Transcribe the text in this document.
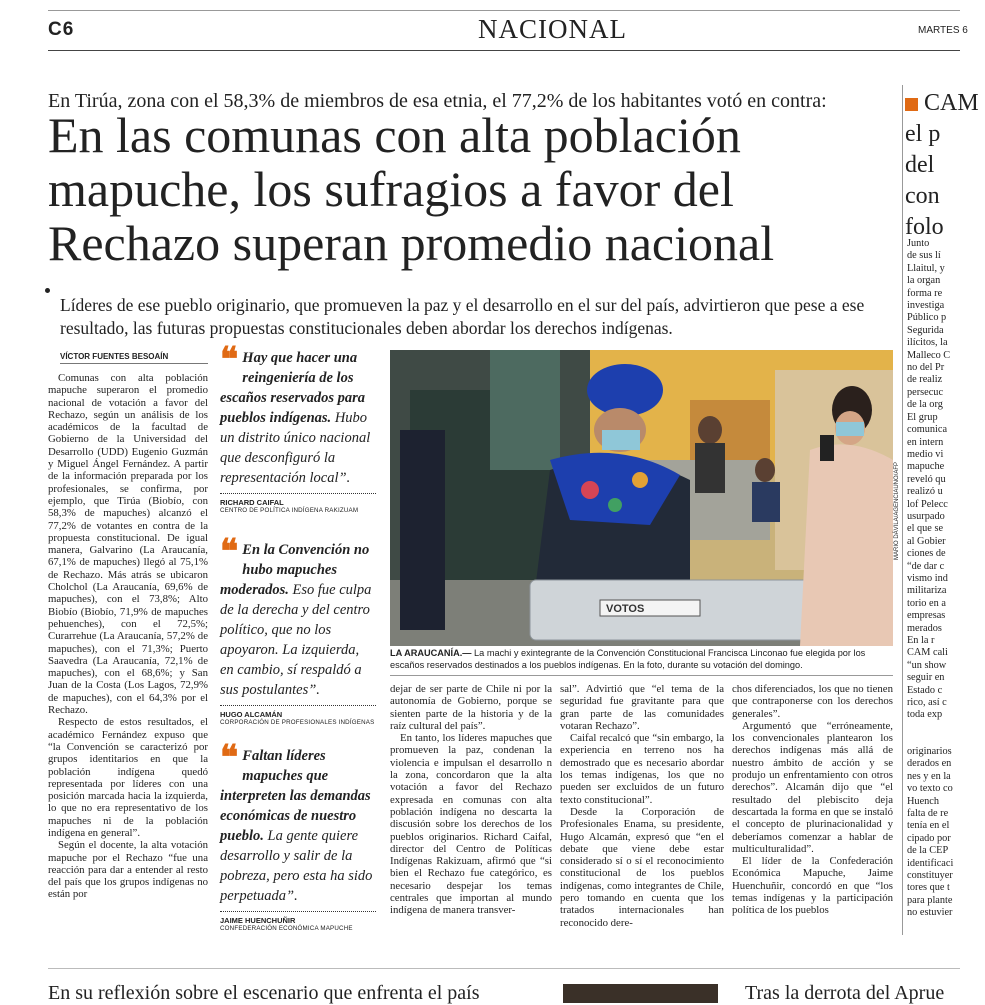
C6	NACIONAL	MARTES 6
En Tirúa, zona con el 58,3% de miembros de esa etnia, el 77,2% de los habitantes votó en contra:
En las comunas con alta población mapuche, los sufragios a favor del Rechazo superan promedio nacional
Líderes de ese pueblo originario, que promueven la paz y el desarrollo en el sur del país, advirtieron que pese a ese resultado, las futuras propuestas constitucionales deben abordar los derechos indígenas.
VÍCTOR FUENTES BESOAÍN

Comunas con alta población mapuche superaron el promedio nacional de votación a favor del Rechazo, según un análisis de los académicos de la facultad de Gobierno de la Universidad del Desarrollo (UDD) Eugenio Guzmán y Miguel Ángel Fernández. A partir de la información preparada por los profesionales, se confirma, por ejemplo, que Tirúa (Biobío, con 58,3% de mapuches) alcanzó el 77,2% de votantes en contra de la propuesta constitucional. De igual manera, Galvarino (La Araucanía, 67,1% de mapuches) llegó al 75,1% de Rechazo. Más atrás se ubicaron Cholchol (La Araucanía, 69,6% de mapuches), con el 73,8%; Alto Biobío (Biobío, 71,9% de mapuches pehuenches), con el 72,5%; Curarrehue (La Araucanía, 57,2% de mapuches), con el 71,3%; Puerto Saavedra (La Araucanía, 72,1% de mapuches), con el 68,6%; y San Juan de la Costa (Los Lagos, 72,9% de mapuches), con el 64,3% por el Rechazo.

Respecto de estos resultados, el académico Fernández expuso que “la Convención se caracterizó por grupos identitarios en que la población indígena quedó representada por líderes con una posición marcada hacia la izquierda, lo que no era representativo de los mapuches ni de la población indígena en general”.

Según el docente, la alta votación mapuche por el Rechazo “fue una reacción para dar a entender al resto del país que los grupos indígenas no están por

❝ Hay que hacer una reingeniería de los escaños reservados para pueblos indígenas. Hubo un distrito único nacional que desconfiguró la representación local”.
RICHARD CAIFAL
CENTRO DE POLÍTICA INDÍGENA RAKIZUAM
❝ En la Convención no hubo mapuches moderados. Eso fue culpa de la derecha y del centro político, que no los apoyaron. La izquierda, en cambio, sí respaldó a sus postulantes”.
HUGO ALCAMÁN
CORPORACIÓN DE PROFESIONALES INDÍGENAS
❝ Faltan líderes mapuches que interpreten las demandas económicas de nuestro pueblo. La gente quiere desarrollo y salir de la pobreza, pero esta ha sido perpetuada”.
JAIME HUENCHUÑIR
CONFEDERACIÓN ECONÓMICA MAPUCHE
VOTOS
MARIO DÁVILA/AGENCIAUNO/AFP
LA ARAUCANÍA.— La machi y exintegrante de la Convención Constitucional Francisca Linconao fue elegida por los escaños reservados destinados a los pueblos indígenas. En la foto, durante su votación del domingo.

dejar de ser parte de Chile ni por la autonomía de Gobierno, porque se sienten parte de la historia y de la raíz cultural del país”.

En tanto, los líderes mapuches que promueven la paz, condenan la violencia e impulsan el desarrollo n la zona, concordaron que la alta votación a favor del Rechazo expresada en comunas con alta población indígena no descarta la discusión sobre los derechos de los pueblos originarios. Richard Caifal, director del Centro de Políticas Indígenas Rakizuam, afirmó que “si bien el Rechazo fue categórico, es necesario despejar los temas centrales que importan al mundo indígena de manera transver-

sal”. Advirtió que “el tema de la seguridad fue gravitante para que gran parte de las comunidades votaran Rechazo”.

Caifal recalcó que “sin embargo, la experiencia en terreno nos ha demostrado que es necesario abordar los temas indígenas, los que no pueden ser excluidos de un futuro texto constitucional”.

Desde la Corporación de Profesionales Enama, su presidente, Hugo Alcamán, expresó que “en el debate que viene debe estar considerado sí o sí el reconocimiento constitucional de los pueblos indígenas, como integrantes de Chile, pero tomando en cuenta que los tratados internacionales han reconocido dere-

chos diferenciados, los que no tienen que contraponerse con los derechos generales”.

Argumentó que “erróneamente, los convencionales plantearon los derechos indígenas más allá de nuestro ámbito de acción y se produjo un enfrentamiento con otros derechos”. Alcamán dijo que “el resultado del plebiscito deja descartada la forma en que se instaló el concepto de plurinacionalidad y deberíamos comenzar a hablar de multiculturalidad”.

El líder de la Confederación Económica Mapuche, Jaime Huenchuñir, concordó en que “los temas indígenas y la participación política de los pueblos

CAM
el p
del
con
folo
Junto
de sus lí
Llaitul, y
la organ
forma re
investiga
Público p
Segurida
ilícitos, la
Malleco C
no del Pr
de realiz
persecuc
de la org
El grup
comunica
en intern
medio vi
mapuche
reveló qu
realizó u
lof Pelecc
usurpado
el que se
al Gobier
ciones de
“de dar c
vismo ind
militariza
torio en a
empresas
merados
En la r
CAM cali
“un show
seguir en
Estado c
rico, así c
toda exp
originarios
derados en
nes y en la
vo texto co
Huench
falta de re
tenía en el
cipado por
de la CEP
identificaci
constituyer
tores que t
para plante
no estuvier
En su reflexión sobre el escenario que enfrenta el país	Tras la derrota del Aprue
